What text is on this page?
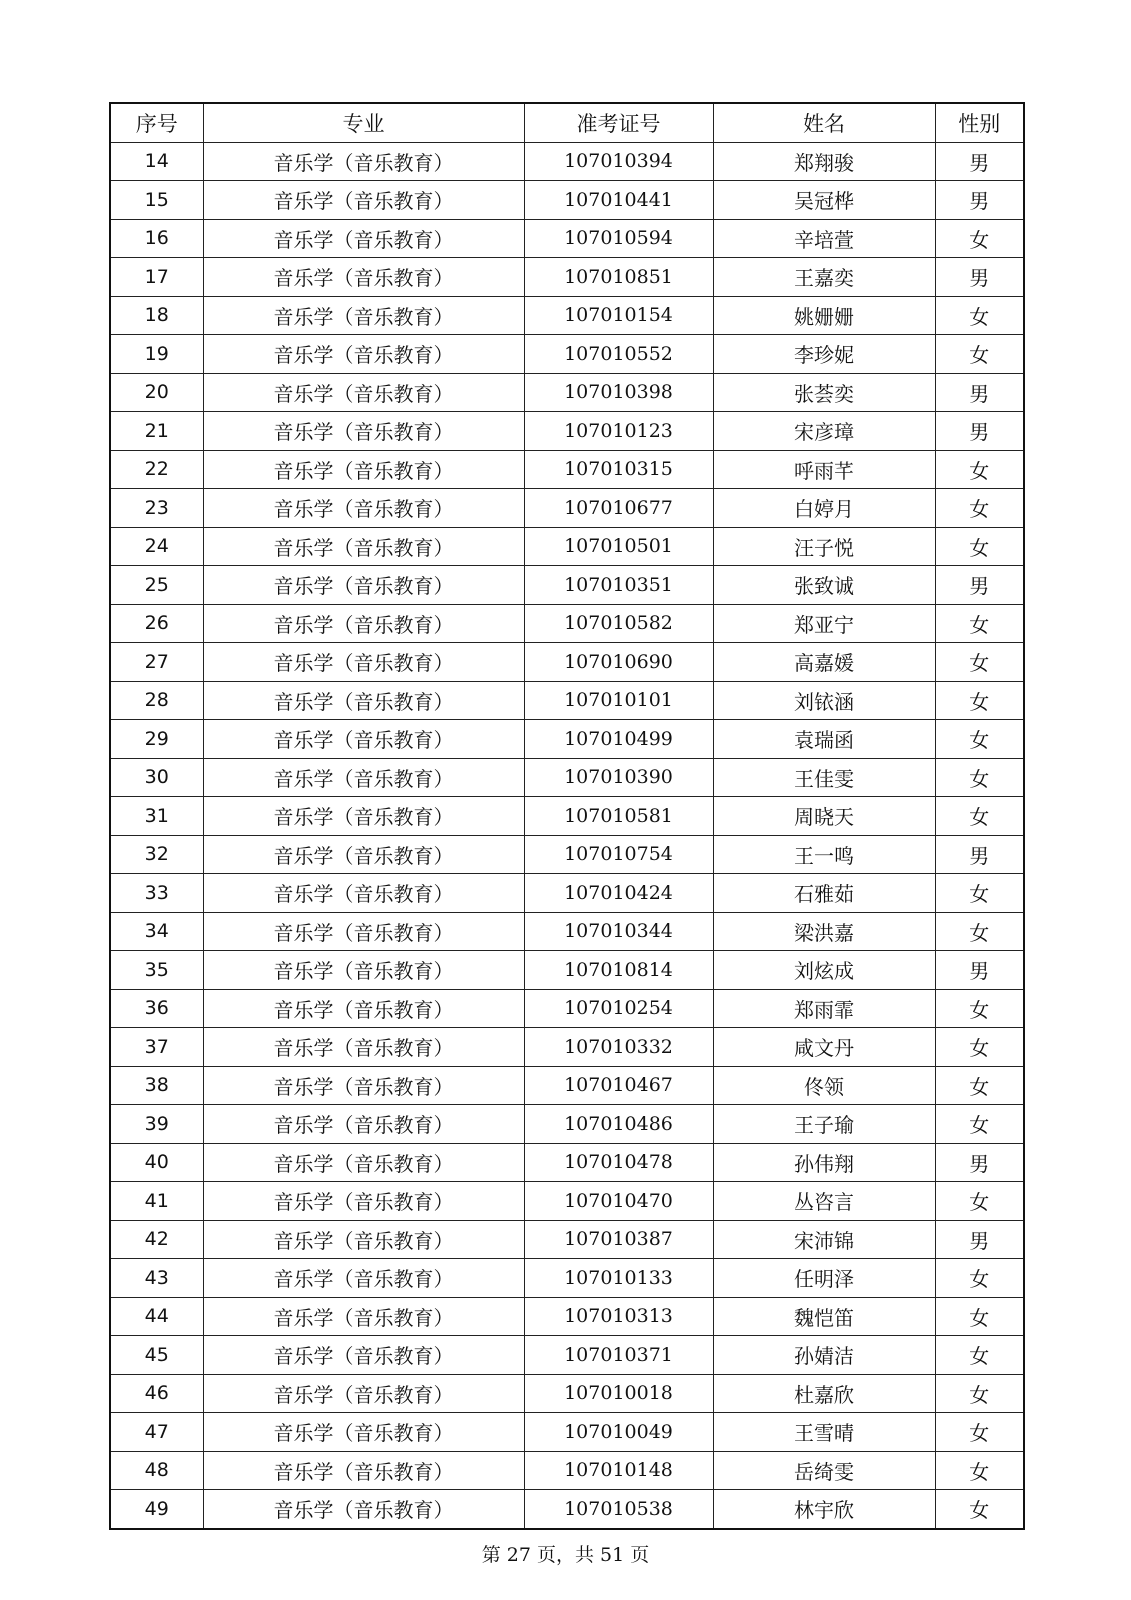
序号	专业	准考证号	姓名	性别
14	音乐学（音乐教育）	107010394	郑翔骏	男
15	音乐学（音乐教育）	107010441	吴冠桦	男
16	音乐学（音乐教育）	107010594	辛培萱	女
17	音乐学（音乐教育）	107010851	王嘉奕	男
18	音乐学（音乐教育）	107010154	姚姗姗	女
19	音乐学（音乐教育）	107010552	李珍妮	女
20	音乐学（音乐教育）	107010398	张荟奕	男
21	音乐学（音乐教育）	107010123	宋彦璋	男
22	音乐学（音乐教育）	107010315	呼雨芊	女
23	音乐学（音乐教育）	107010677	白婷月	女
24	音乐学（音乐教育）	107010501	汪子悦	女
25	音乐学（音乐教育）	107010351	张致诚	男
26	音乐学（音乐教育）	107010582	郑亚宁	女
27	音乐学（音乐教育）	107010690	高嘉媛	女
28	音乐学（音乐教育）	107010101	刘铱涵	女
29	音乐学（音乐教育）	107010499	袁瑞函	女
30	音乐学（音乐教育）	107010390	王佳雯	女
31	音乐学（音乐教育）	107010581	周晓天	女
32	音乐学（音乐教育）	107010754	王一鸣	男
33	音乐学（音乐教育）	107010424	石雅茹	女
34	音乐学（音乐教育）	107010344	梁洪嘉	女
35	音乐学（音乐教育）	107010814	刘炫成	男
36	音乐学（音乐教育）	107010254	郑雨霏	女
37	音乐学（音乐教育）	107010332	咸文丹	女
38	音乐学（音乐教育）	107010467	佟领	女
39	音乐学（音乐教育）	107010486	王子瑜	女
40	音乐学（音乐教育）	107010478	孙伟翔	男
41	音乐学（音乐教育）	107010470	丛咨言	女
42	音乐学（音乐教育）	107010387	宋沛锦	男
43	音乐学（音乐教育）	107010133	任明泽	女
44	音乐学（音乐教育）	107010313	魏恺笛	女
45	音乐学（音乐教育）	107010371	孙婧洁	女
46	音乐学（音乐教育）	107010018	杜嘉欣	女
47	音乐学（音乐教育）	107010049	王雪晴	女
48	音乐学（音乐教育）	107010148	岳绮雯	女
49	音乐学（音乐教育）	107010538	林宇欣	女
第 27 页，共 51 页
